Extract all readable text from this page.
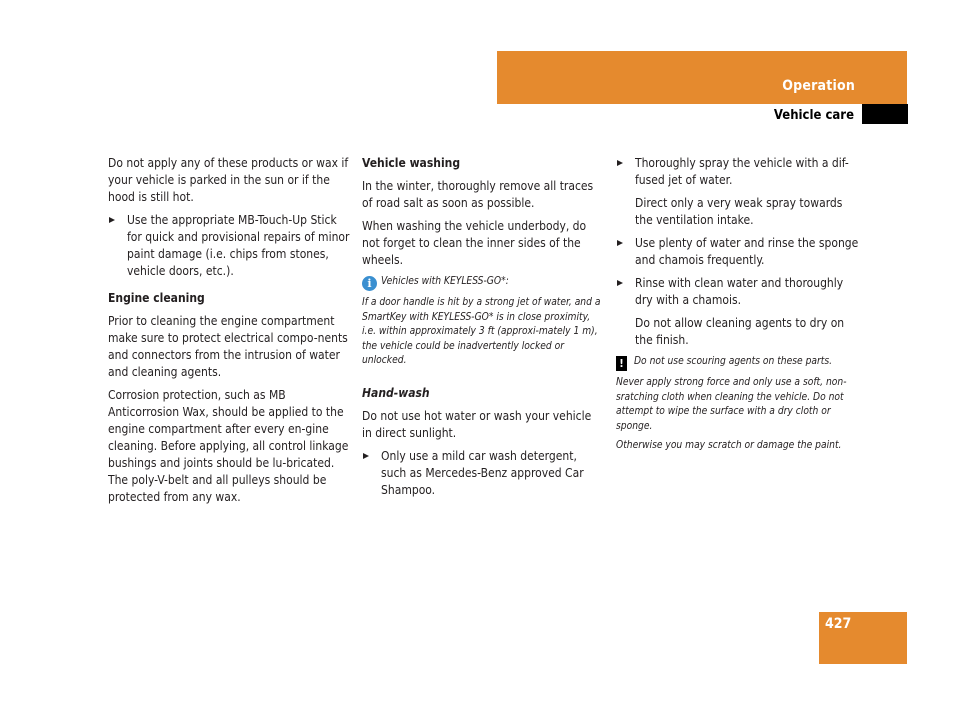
Operation
Vehicle care

Do not apply any of these products or wax if your vehicle is parked in the sun or if the hood is still hot.

Use the appropriate MB-Touch-Up Stick for quick and provisional repairs of minor paint damage (i.e. chips from stones, vehicle doors, etc.).
Engine cleaning

Prior to cleaning the engine compartment make sure to protect electrical compo-nents and connectors from the intrusion of water and cleaning agents.

Corrosion protection, such as MB Anticorrosion Wax, should be applied to the engine compartment after every en-gine cleaning. Before applying, all control linkage bushings and joints should be lu-bricated. The poly-V-belt and all pulleys should be protected from any wax.

Vehicle washing

In the winter, thoroughly remove all traces of road salt as soon as possible.

When washing the vehicle underbody, do not forget to clean the inner sides of the wheels.

i Vehicles with KEYLESS-GO*:
If a door handle is hit by a strong jet of water, and a SmartKey with KEYLESS-GO* is in close proximity, i.e. within approximately 3 ft (approxi-mately 1 m), the vehicle could be inadvertently locked or unlocked.
Hand-wash

Do not use hot water or wash your vehicle in direct sunlight.

Only use a mild car wash detergent, such as Mercedes-Benz approved Car Shampoo.
Thoroughly spray the vehicle with a dif-fused jet of water.

Direct only a very weak spray towards the ventilation intake.

Use plenty of water and rinse the sponge and chamois frequently.
Rinse with clean water and thoroughly dry with a chamois.

Do not allow cleaning agents to dry on the finish.

! Do not use scouring agents on these parts.
Never apply strong force and only use a soft, non-sratching cloth when cleaning the vehicle. Do not attempt to wipe the surface with a dry cloth or sponge.
Otherwise you may scratch or damage the paint.
427
